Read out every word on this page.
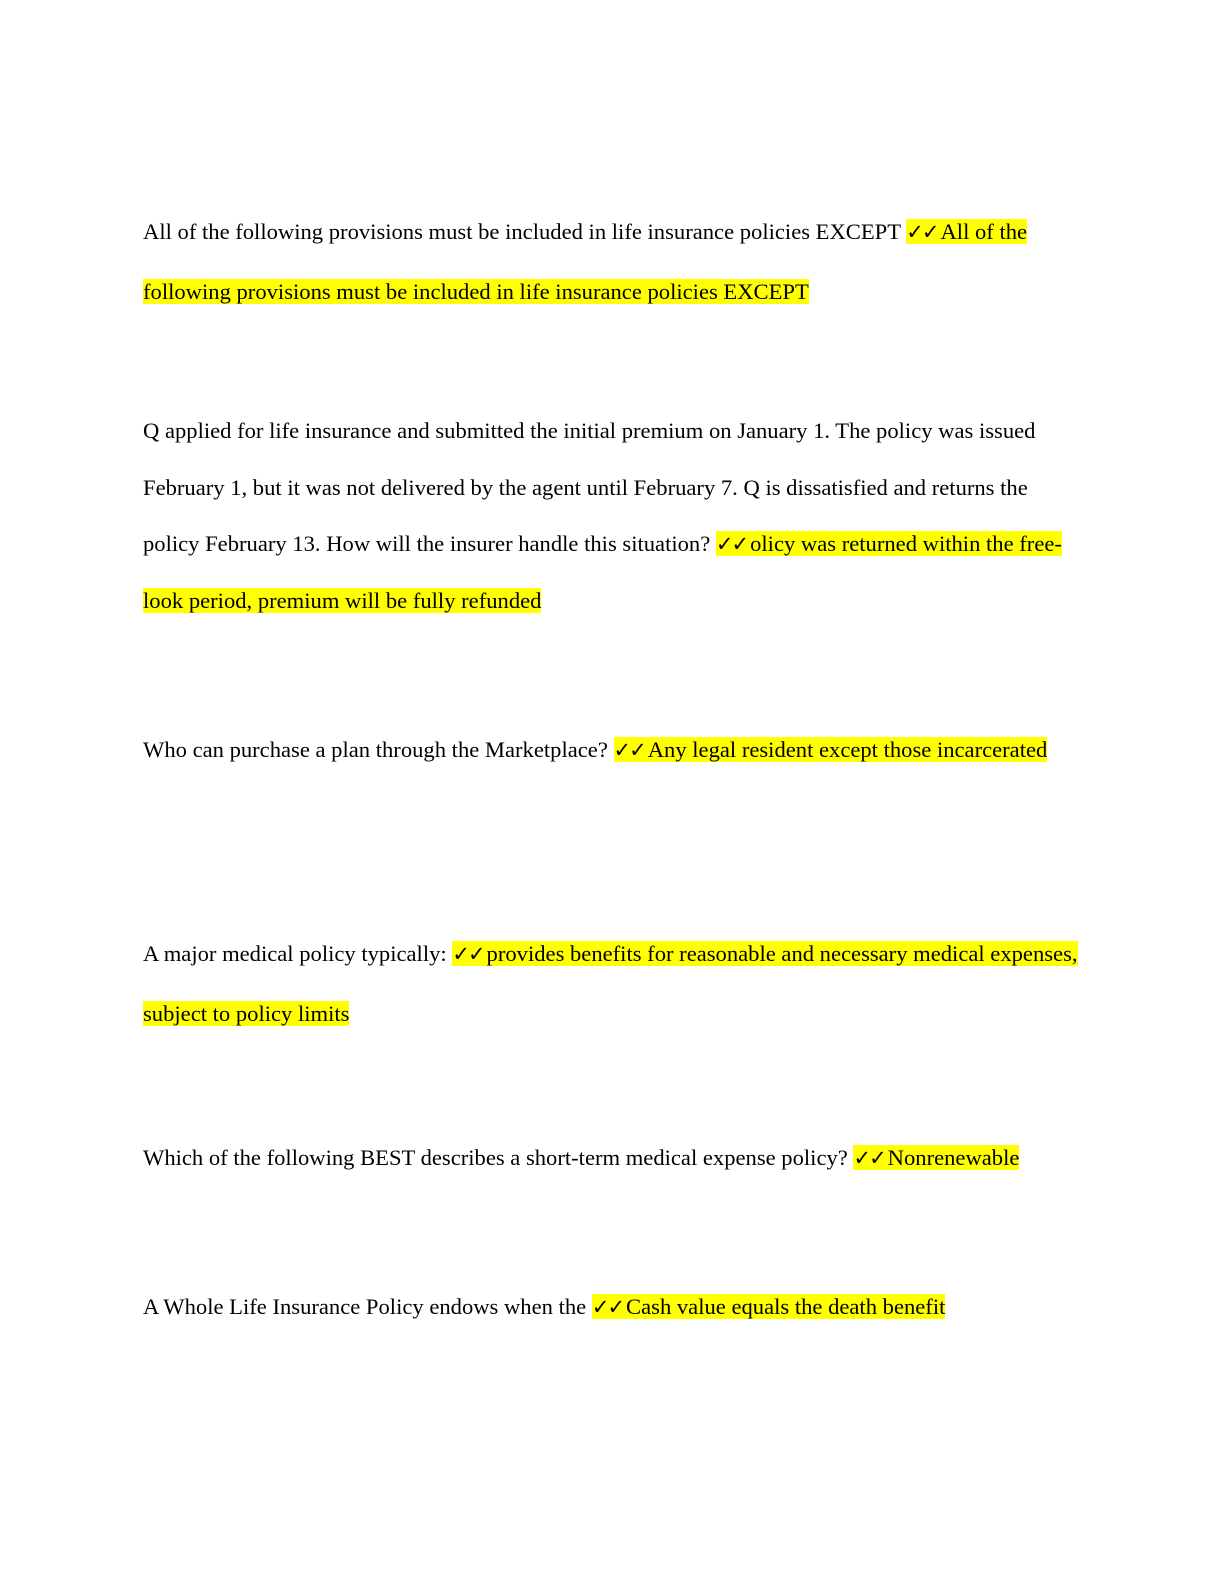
All of the following provisions must be included in life insurance policies EXCEPT ✓✓ All of the following provisions must be included in life insurance policies EXCEPT

Q applied for life insurance and submitted the initial premium on January 1. The policy was issued February 1, but it was not delivered by the agent until February 7. Q is dissatisfied and returns the policy February 13. How will the insurer handle this situation? ✓✓ olicy was returned within the free-look period, premium will be fully refunded

Who can purchase a plan through the Marketplace? ✓✓ Any legal resident except those incarcerated

A major medical policy typically: ✓✓ provides benefits for reasonable and necessary medical expenses, subject to policy limits

Which of the following BEST describes a short-term medical expense policy? ✓✓ Nonrenewable

A Whole Life Insurance Policy endows when the ✓✓ Cash value equals the death benefit
